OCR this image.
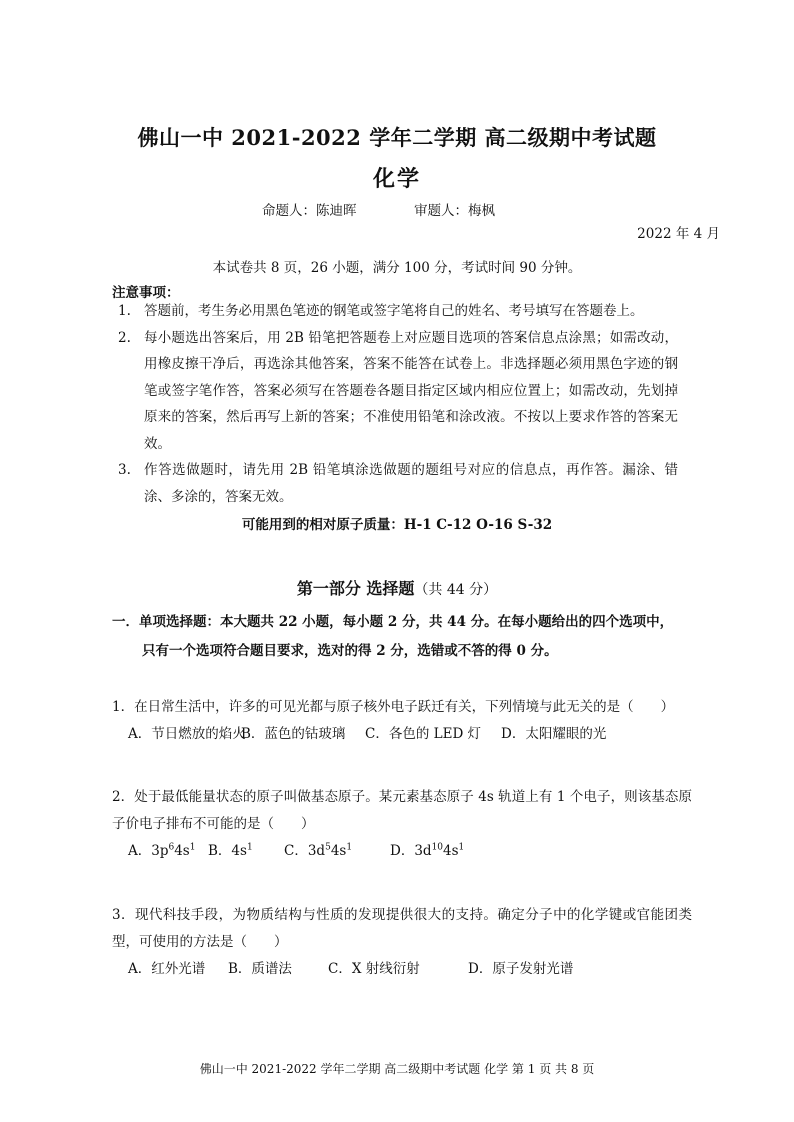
佛山一中 2021-2022 学年二学期 高二级期中考试题
化学
命题人：陈迪晖	审题人：梅枫
2022 年 4 月
本试卷共 8 页，26 小题，满分 100 分，考试时间 90 分钟。
注意事项：
1. 答题前，考生务必用黑色笔迹的钢笔或签字笔将自己的姓名、考号填写在答题卷上。
2. 每小题选出答案后，用 2B 铅笔把答题卷上对应题目选项的答案信息点涂黑；如需改动，用橡皮擦干净后，再选涂其他答案，答案不能答在试卷上。非选择题必须用黑色字迹的钢笔或签字笔作答，答案必须写在答题卷各题目指定区域内相应位置上；如需改动，先划掉原来的答案，然后再写上新的答案；不准使用铅笔和涂改液。不按以上要求作答的答案无效。
3. 作答选做题时，请先用 2B 铅笔填涂选做题的题组号对应的信息点，再作答。漏涂、错涂、多涂的，答案无效。
可能用到的相对原子质量：H-1 C-12 O-16 S-32
第一部分 选择题（共 44 分）
一．单项选择题：本大题共 22 小题，每小题 2 分，共 44 分。在每小题给出的四个选项中，
只有一个选项符合题目要求，选对的得 2 分，选错或不答的得 0 分。
1．在日常生活中，许多的可见光都与原子核外电子跃迁有关，下列情境与此无关的是（　　）
A．节日燃放的焰火B．蓝色的钴玻璃 C．各色的 LED 灯 D．太阳耀眼的光
2．处于最低能量状态的原子叫做基态原子。某元素基态原子 4s 轨道上有 1 个电子，则该基态原子价电子排布不可能的是（　　）
A．$3p^64s^1$ B．$4s^1$ C．$3d^54s^1$	D．$3d^{10}4s^1$
3．现代科技手段，为物质结构与性质的发现提供很大的支持。确定分子中的化学键或官能团类型，可使用的方法是（　　）
A．红外光谱 B．质谱法	C．X 射线衍射	D．原子发射光谱
佛山一中 2021-2022 学年二学期 高二级期中考试题 化学 第 1 页 共 8 页
